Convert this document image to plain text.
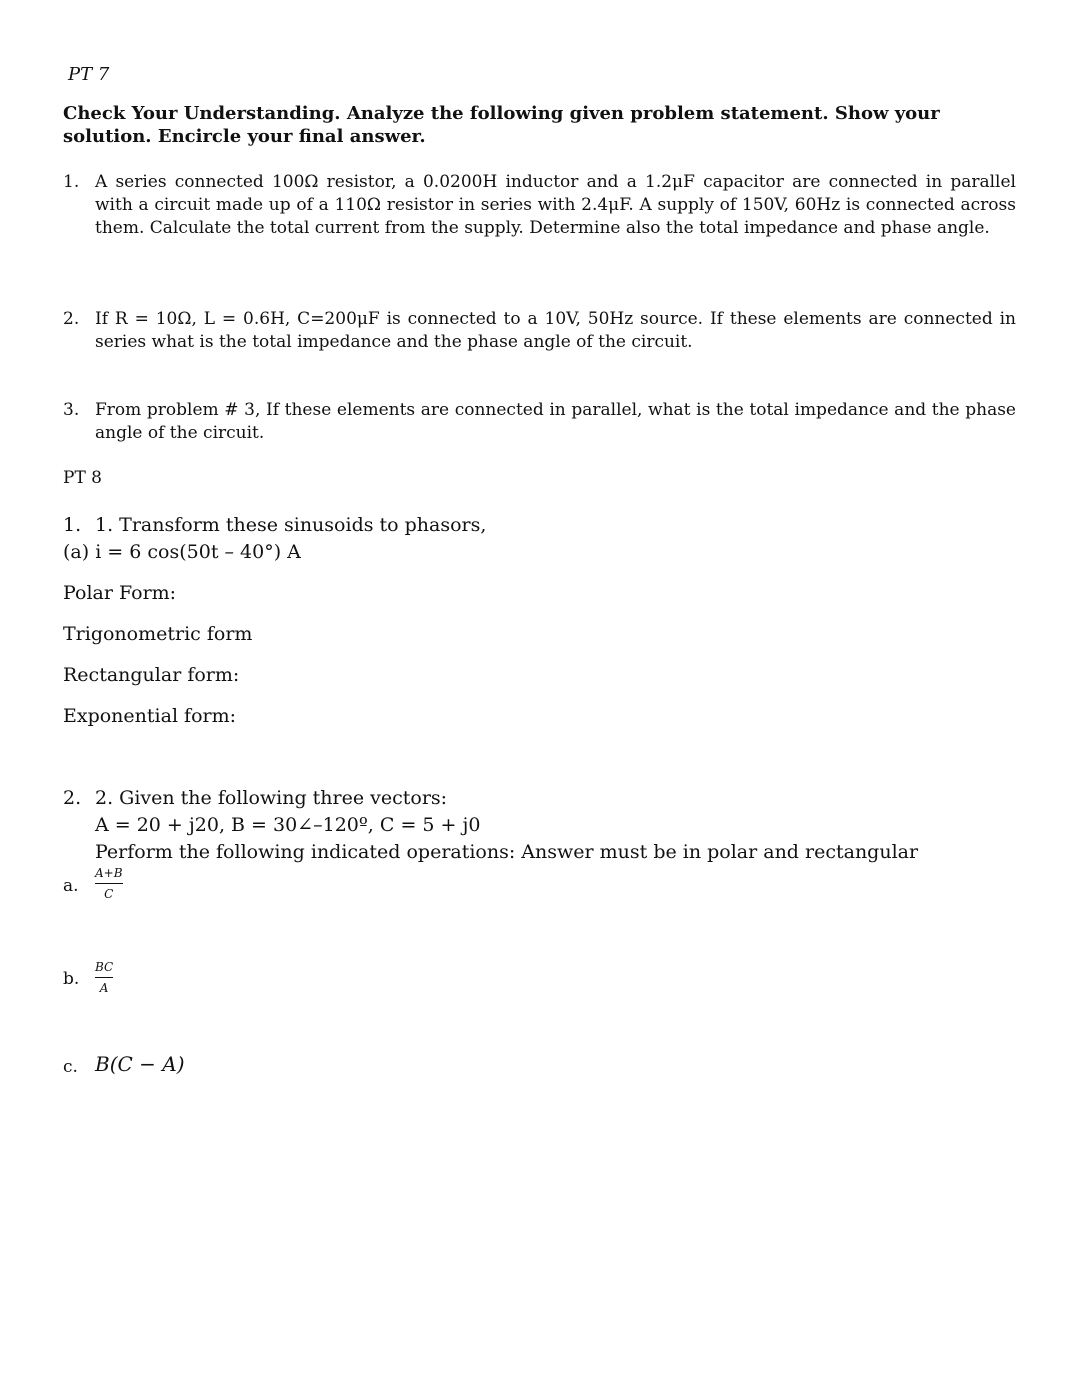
PT 7
Check Your Understanding. Analyze the following given problem statement. Show your solution. Encircle your final answer.
1. A series connected 100Ω resistor, a 0.0200H inductor and a 1.2μF capacitor are connected in parallel with a circuit made up of a 110Ω resistor in series with 2.4μF. A supply of 150V, 60Hz is connected across them. Calculate the total current from the supply. Determine also the total impedance and phase angle.
2. If R = 10Ω, L = 0.6H, C=200μF is connected to a 10V, 50Hz source. If these elements are connected in series what is the total impedance and the phase angle of the circuit.
3. From problem # 3, If these elements are connected in parallel, what is the total impedance and the phase angle of the circuit.
PT 8
1. 1. Transform these sinusoids to phasors,
(a) i = 6 cos(50t – 40°) A
Polar Form:
Trigonometric form
Rectangular form:
Exponential form:
2. 2. Given the following three vectors:
A = 20 + j20, B = 30∠–120º, C = 5 + j0
Perform the following indicated operations: Answer must be in polar and rectangular
a.
A+B
C
b.
BC
A
c. B(C − A)
